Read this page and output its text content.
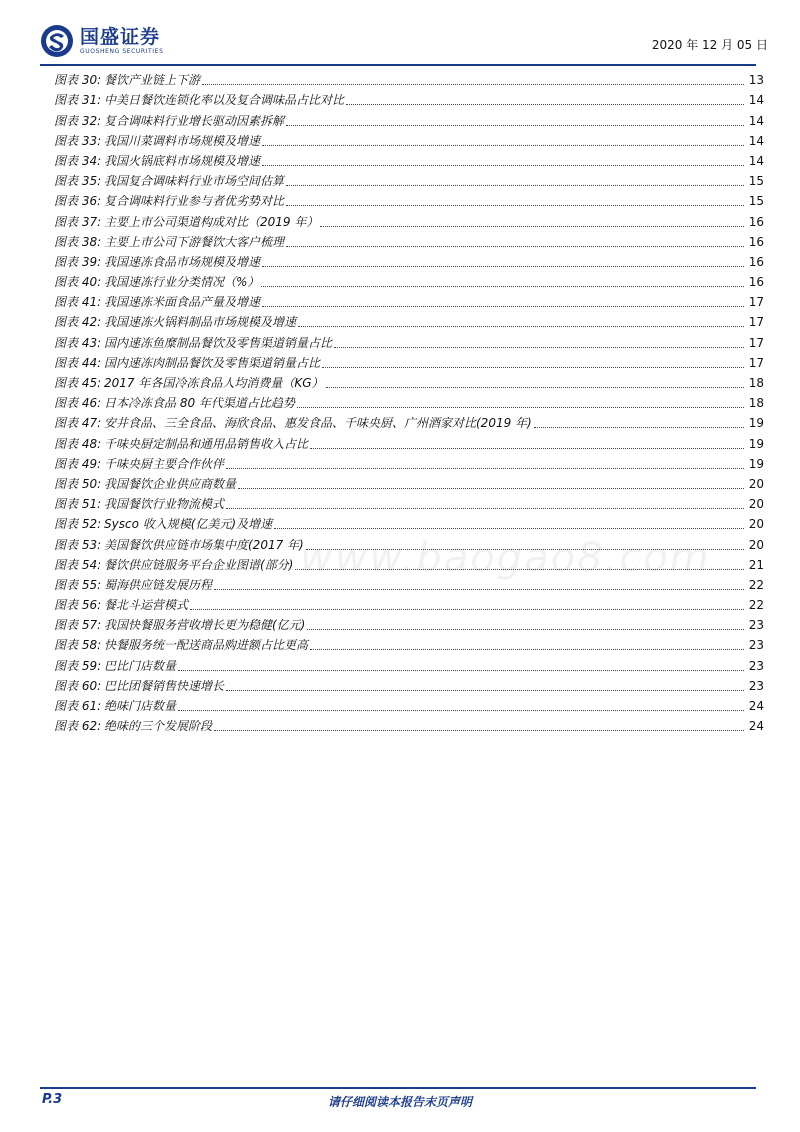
国盛证券
GUOSHENG SECURITIES	2020 年 12 月 05 日
www.baogao8.com
图表 30: 餐饮产业链上下游	13
图表 31: 中美日餐饮连锁化率以及复合调味品占比对比	14
图表 32: 复合调味料行业增长驱动因素拆解	14
图表 33: 我国川菜调料市场规模及增速	14
图表 34: 我国火锅底料市场规模及增速	14
图表 35: 我国复合调味料行业市场空间估算	15
图表 36: 复合调味料行业参与者优劣势对比	15
图表 37: 主要上市公司渠道构成对比（2019 年）	16
图表 38: 主要上市公司下游餐饮大客户梳理	16
图表 39: 我国速冻食品市场规模及增速	16
图表 40: 我国速冻行业分类情况（%）	16
图表 41: 我国速冻米面食品产量及增速	17
图表 42: 我国速冻火锅料制品市场规模及增速	17
图表 43: 国内速冻鱼糜制品餐饮及零售渠道销量占比	17
图表 44: 国内速冻肉制品餐饮及零售渠道销量占比	17
图表 45: 2017 年各国冷冻食品人均消费量（KG）	18
图表 46: 日本冷冻食品 80 年代渠道占比趋势	18
图表 47: 安井食品、三全食品、海欣食品、惠发食品、千味央厨、广州酒家对比(2019 年)	19
图表 48: 千味央厨定制品和通用品销售收入占比	19
图表 49: 千味央厨主要合作伙伴	19
图表 50: 我国餐饮企业供应商数量	20
图表 51: 我国餐饮行业物流模式	20
图表 52: Sysco 收入规模(亿美元)及增速	20
图表 53: 美国餐饮供应链市场集中度(2017 年)	20
图表 54: 餐饮供应链服务平台企业图谱(部分)	21
图表 55: 蜀海供应链发展历程	22
图表 56: 餐北斗运营模式	22
图表 57: 我国快餐服务营收增长更为稳健(亿元)	23
图表 58: 快餐服务统一配送商品购进额占比更高	23
图表 59: 巴比门店数量	23
图表 60: 巴比团餐销售快速增长	23
图表 61: 绝味门店数量	24
图表 62: 绝味的三个发展阶段	24
P.3	请仔细阅读本报告末页声明
